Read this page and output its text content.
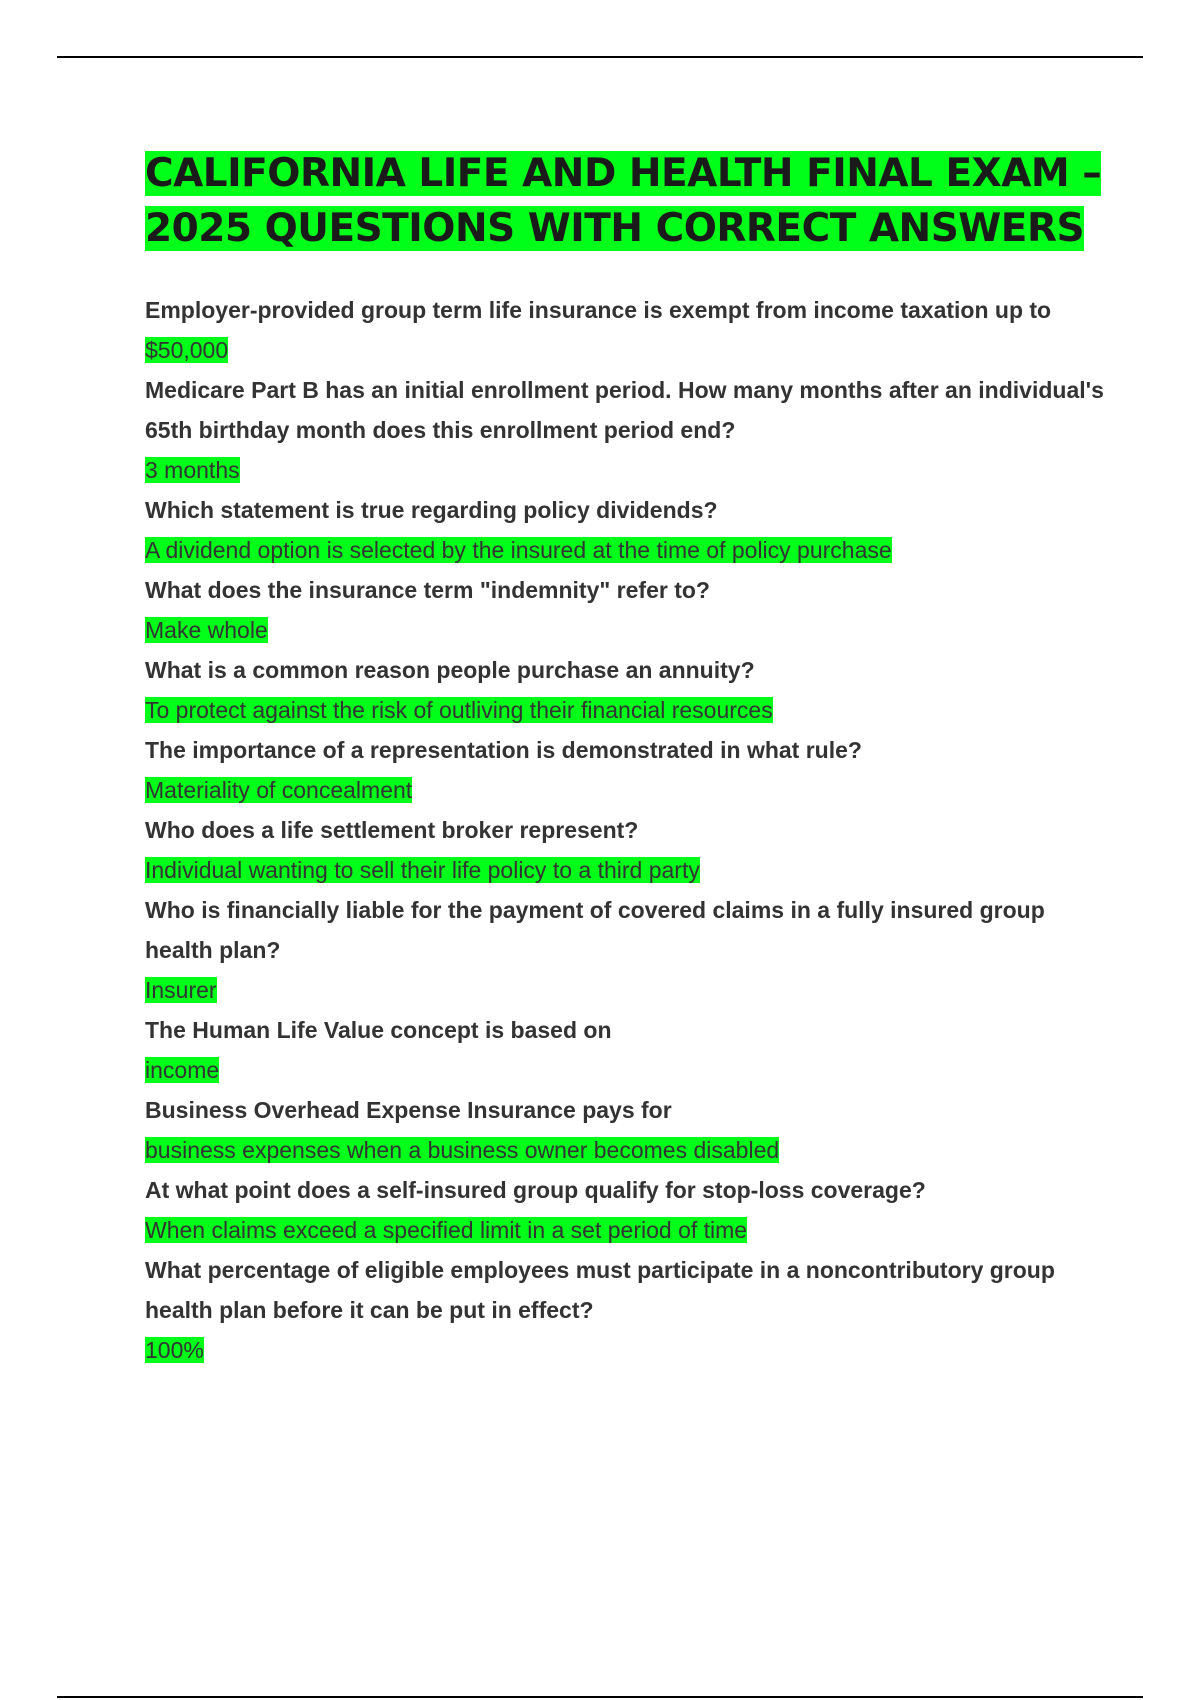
CALIFORNIA LIFE AND HEALTH FINAL EXAM – 2025 QUESTIONS WITH CORRECT ANSWERS

Employer-provided group term life insurance is exempt from income taxation up to

$50,000

Medicare Part B has an initial enrollment period. How many months after an individual's 65th birthday month does this enrollment period end?

3 months

Which statement is true regarding policy dividends?

A dividend option is selected by the insured at the time of policy purchase

What does the insurance term "indemnity" refer to?

Make whole

What is a common reason people purchase an annuity?

To protect against the risk of outliving their financial resources

The importance of a representation is demonstrated in what rule?

Materiality of concealment

Who does a life settlement broker represent?

Individual wanting to sell their life policy to a third party

Who is financially liable for the payment of covered claims in a fully insured group health plan?

Insurer

The Human Life Value concept is based on

income

Business Overhead Expense Insurance pays for

business expenses when a business owner becomes disabled

At what point does a self-insured group qualify for stop-loss coverage?

When claims exceed a specified limit in a set period of time

What percentage of eligible employees must participate in a noncontributory group health plan before it can be put in effect?

100%
